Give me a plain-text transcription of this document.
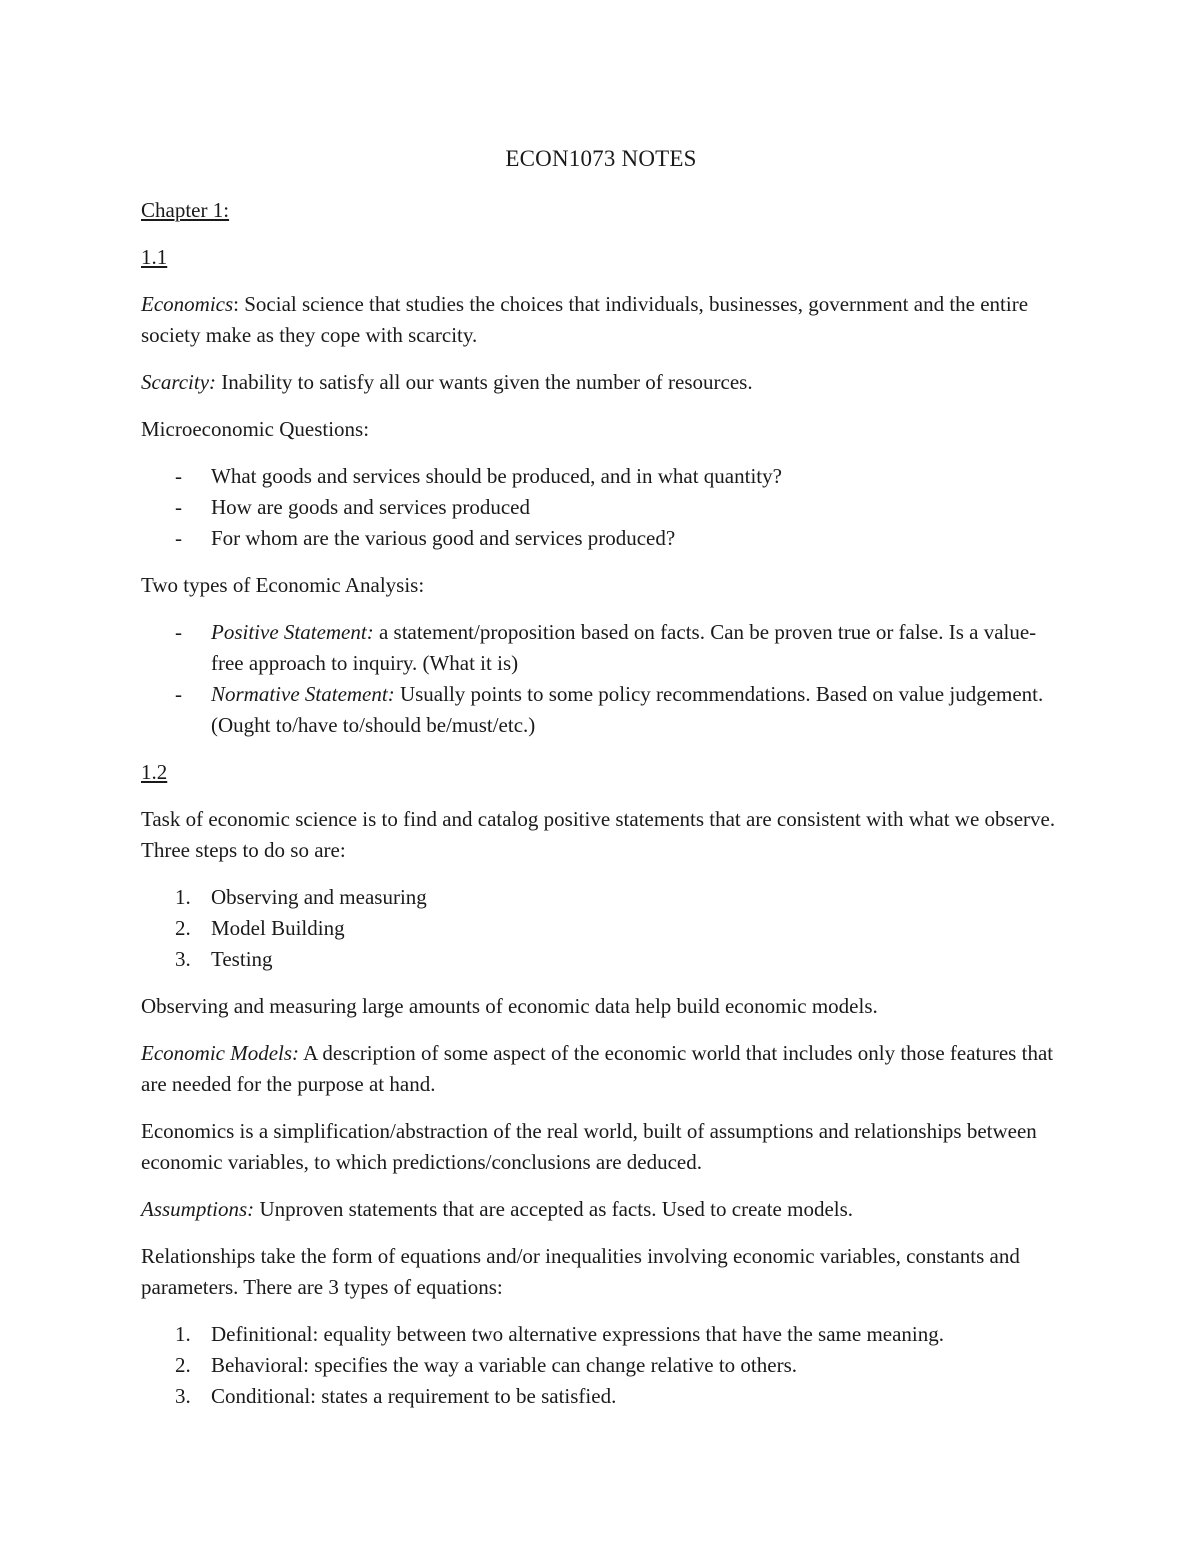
ECON1073 NOTES

Chapter 1:

1.1

Economics: Social science that studies the choices that individuals, businesses, government and the entire society make as they cope with scarcity.

Scarcity: Inability to satisfy all our wants given the number of resources.

Microeconomic Questions:

- What goods and services should be produced, and in what quantity?
- How are goods and services produced
- For whom are the various good and services produced?

Two types of Economic Analysis:

- Positive Statement: a statement/proposition based on facts. Can be proven true or false. Is a value-free approach to inquiry. (What it is)
- Normative Statement: Usually points to some policy recommendations. Based on value judgement. (Ought to/have to/should be/must/etc.)

1.2

Task of economic science is to find and catalog positive statements that are consistent with what we observe. Three steps to do so are:

1. Observing and measuring
2. Model Building
3. Testing

Observing and measuring large amounts of economic data help build economic models.

Economic Models: A description of some aspect of the economic world that includes only those features that are needed for the purpose at hand.

Economics is a simplification/abstraction of the real world, built of assumptions and relationships between economic variables, to which predictions/conclusions are deduced.

Assumptions: Unproven statements that are accepted as facts. Used to create models.

Relationships take the form of equations and/or inequalities involving economic variables, constants and parameters. There are 3 types of equations:

1. Definitional: equality between two alternative expressions that have the same meaning.
2. Behavioral: specifies the way a variable can change relative to others.
3. Conditional: states a requirement to be satisfied.
